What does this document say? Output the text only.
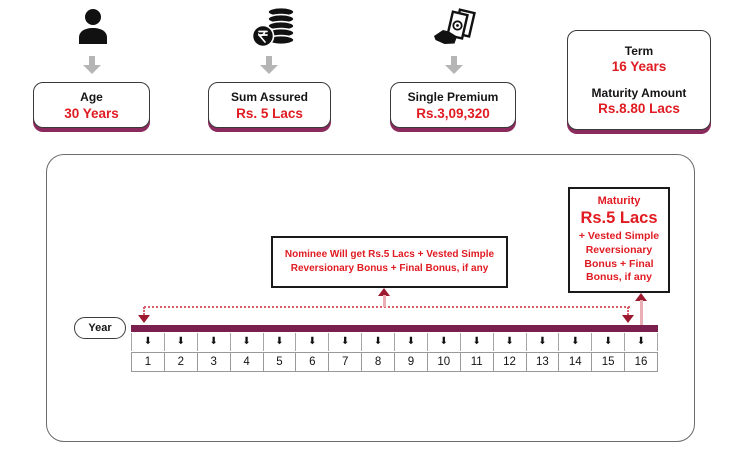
Age
30 Years
Sum Assured
Rs. 5 Lacs
Single Premium
Rs.3,09,320
Term
16 Years
Maturity Amount
Rs.8.80 Lacs
Nominee Will get Rs.5 Lacs + Vested Simple Reversionary Bonus + Final Bonus, if any
Maturity
Rs.5 Lacs
+ Vested Simple Reversionary Bonus + Final Bonus, if any
Year
⬇ ⬇ ⬇ ⬇ ⬇ ⬇ ⬇ ⬇ ⬇ ⬇ ⬇ ⬇ ⬇ ⬇ ⬇ ⬇
1	2	3	4	5	6	7	8	9	10	11	12	13	14	15	16
